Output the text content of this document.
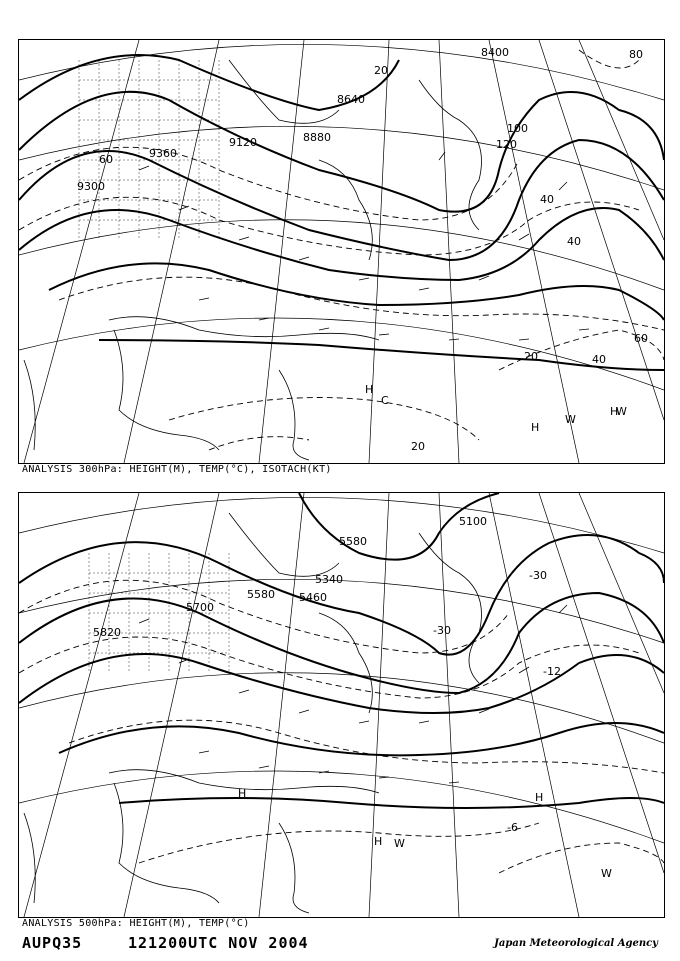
8400
8640
8880
9120
9360
9300
20
40
60
80
100
120
40
20
20	40
60
H
C
H
W
H
W
ANALYSIS 300hPa: HEIGHT(M), TEMP(°C), ISOTACH(KT)
5100
5340
5580
5820
5700
5460
5580
-30
-30
-12
-6
H	H
H W
W
ANALYSIS 500hPa: HEIGHT(M), TEMP(°C)
AUPQ35	121200UTC NOV 2004	Japan Meteorological Agency
